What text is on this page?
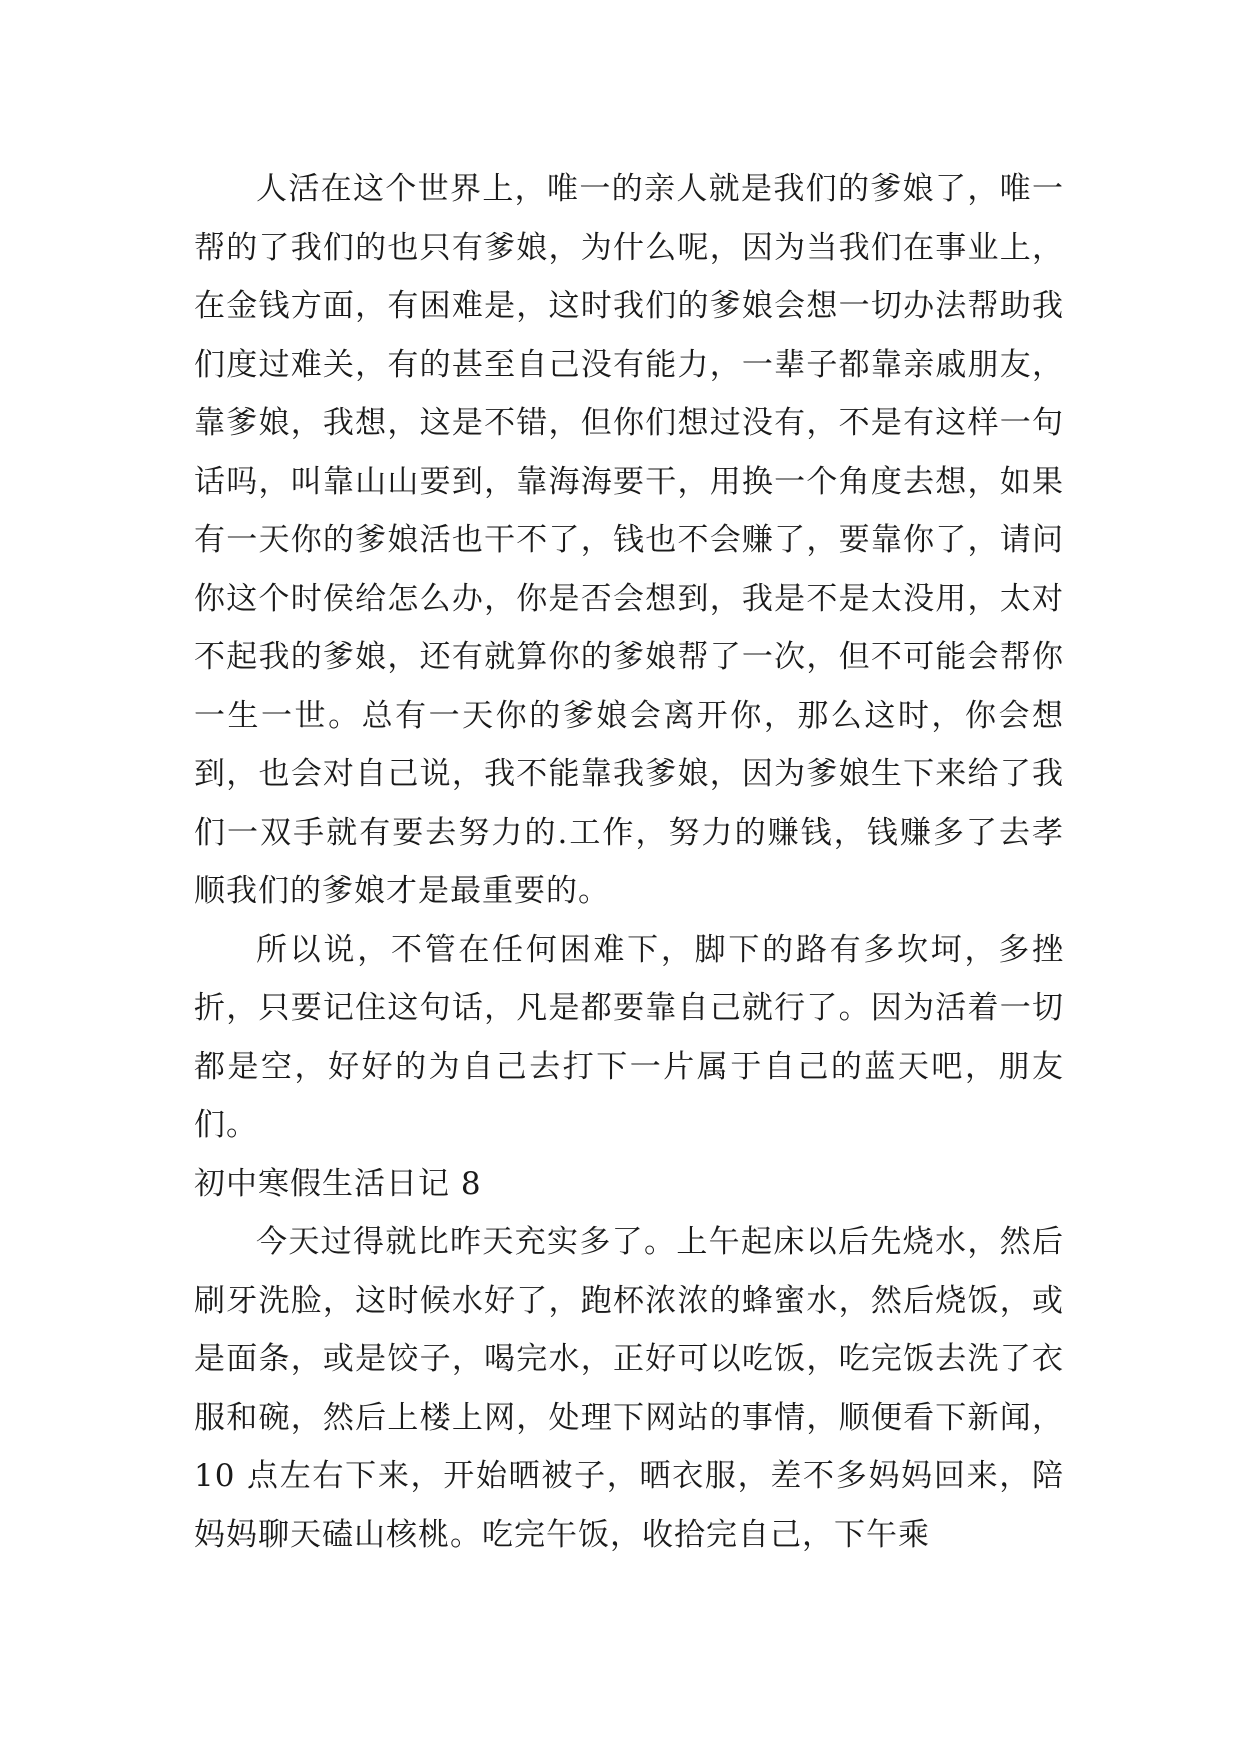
人活在这个世界上，唯一的亲人就是我们的爹娘了，唯一帮的了我们的也只有爹娘，为什么呢，因为当我们在事业上，在金钱方面，有困难是，这时我们的爹娘会想一切办法帮助我们度过难关，有的甚至自己没有能力，一辈子都靠亲戚朋友，靠爹娘，我想，这是不错，但你们想过没有，不是有这样一句话吗，叫靠山山要到，靠海海要干，用换一个角度去想，如果有一天你的爹娘活也干不了，钱也不会赚了，要靠你了，请问你这个时侯给怎么办，你是否会想到，我是不是太没用，太对不起我的爹娘，还有就算你的爹娘帮了一次，但不可能会帮你一生一世。总有一天你的爹娘会离开你，那么这时，你会想到，也会对自己说，我不能靠我爹娘，因为爹娘生下来给了我们一双手就有要去努力的.工作，努力的赚钱，钱赚多了去孝顺我们的爹娘才是最重要的。

所以说，不管在任何困难下，脚下的路有多坎坷，多挫折，只要记住这句话，凡是都要靠自己就行了。因为活着一切都是空，好好的为自己去打下一片属于自己的蓝天吧，朋友们。

初中寒假生活日记 8

今天过得就比昨天充实多了。上午起床以后先烧水，然后刷牙洗脸，这时候水好了，跑杯浓浓的蜂蜜水，然后烧饭，或是面条，或是饺子，喝完水，正好可以吃饭，吃完饭去洗了衣服和碗，然后上楼上网，处理下网站的事情，顺便看下新闻，10 点左右下来，开始晒被子，晒衣服，差不多妈妈回来，陪妈妈聊天磕山核桃。吃完午饭，收拾完自己，下午乘
